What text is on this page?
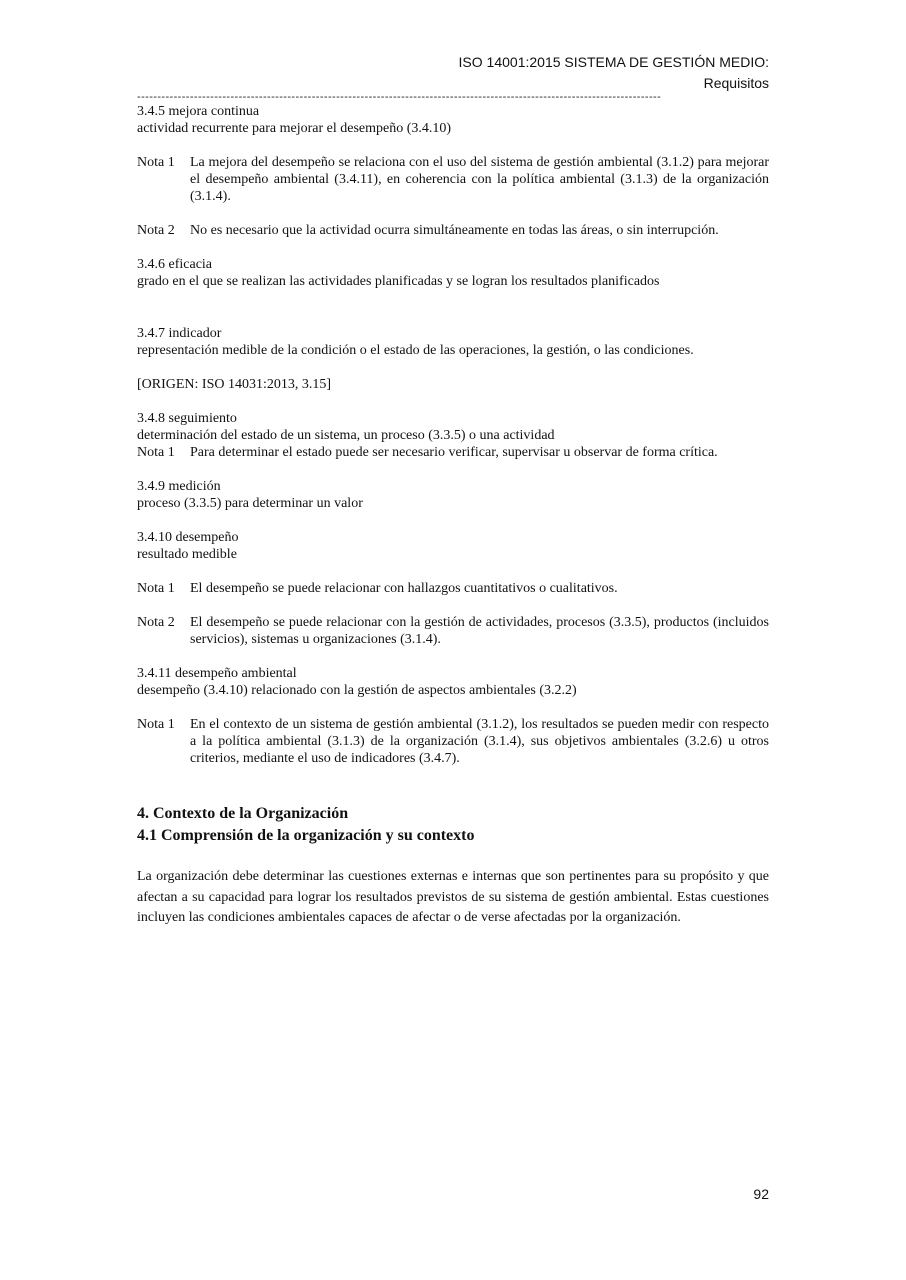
ISO 14001:2015 SISTEMA DE GESTIÓN MEDIO:
Requisitos
---------------------------------------------------------------------------------------------------------------------------------
3.4.5 mejora continua
actividad recurrente para mejorar el desempeño (3.4.10)
Nota 1	La mejora del desempeño se relaciona con el uso del sistema de gestión ambiental (3.1.2) para mejorar el desempeño ambiental (3.4.11), en coherencia con la política ambiental (3.1.3) de la organización (3.1.4).
Nota 2	No es necesario que la actividad ocurra simultáneamente en todas las áreas, o sin interrupción.
3.4.6 eficacia
grado en el que se realizan las actividades planificadas y se logran los resultados planificados
3.4.7 indicador
representación medible de la condición o el estado de las operaciones, la gestión, o las condiciones.
[ORIGEN: ISO 14031:2013, 3.15]
3.4.8 seguimiento
determinación del estado de un sistema, un proceso (3.3.5) o una actividad
Nota 1	Para determinar el estado puede ser necesario verificar, supervisar u observar de forma crítica.
3.4.9 medición
proceso (3.3.5) para determinar un valor
3.4.10 desempeño
resultado medible
Nota 1	El desempeño se puede relacionar con hallazgos cuantitativos o cualitativos.
Nota 2	El desempeño se puede relacionar con la gestión de actividades, procesos (3.3.5), productos (incluidos servicios), sistemas u organizaciones (3.1.4).
3.4.11 desempeño ambiental
desempeño (3.4.10) relacionado con la gestión de aspectos ambientales (3.2.2)
Nota 1	En el contexto de un sistema de gestión ambiental (3.1.2), los resultados se pueden medir con respecto a la política ambiental (3.1.3) de la organización (3.1.4), sus objetivos ambientales (3.2.6) u otros criterios, mediante el uso de indicadores (3.4.7).
4. Contexto de la Organización
4.1 Comprensión de la organización y su contexto
La organización debe determinar las cuestiones externas e internas que son pertinentes para su propósito y que afectan a su capacidad para lograr los resultados previstos de su sistema de gestión ambiental. Estas cuestiones incluyen las condiciones ambientales capaces de afectar o de verse afectadas por la organización.
92
